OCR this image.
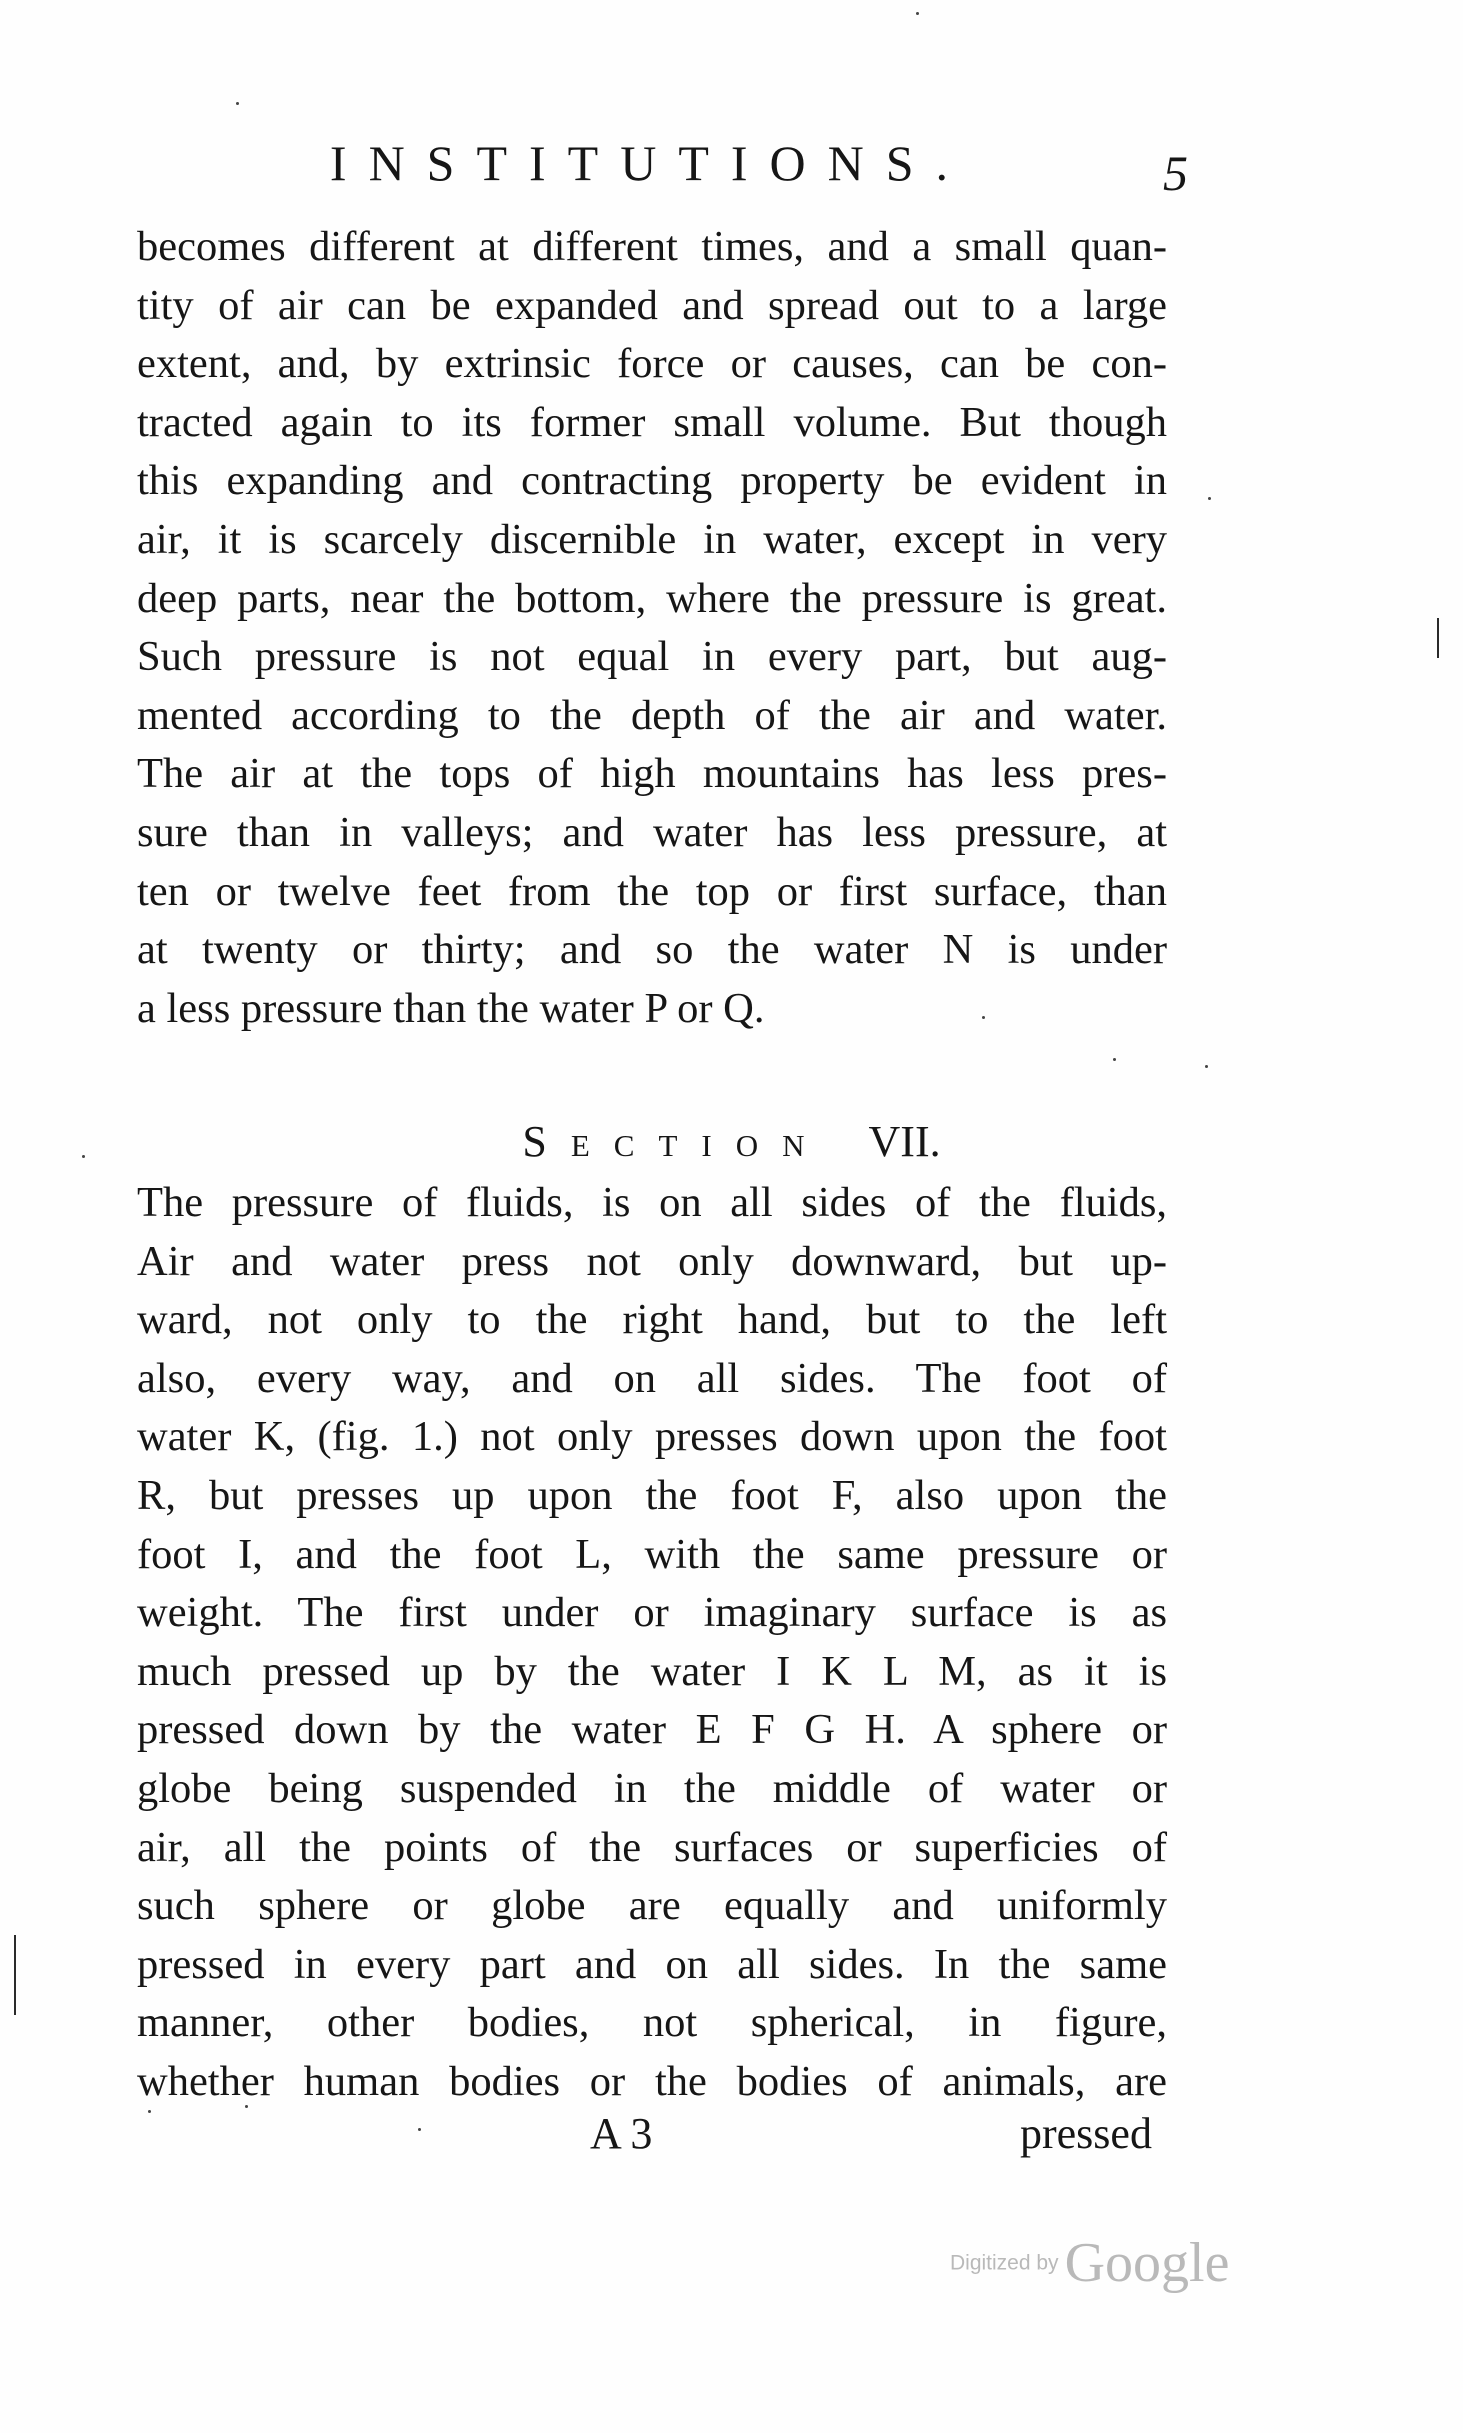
INSTITUTIONS.	5
becomes different at different times, and a small quan-
tity of air can be expanded and spread out to a large
extent, and, by extrinsic force or causes, can be con-
tracted again to its former small volume. But though
this expanding and contracting property be evident in
air, it is scarcely discernible in water, except in very
deep parts, near the bottom, where the pressure is great.
Such pressure is not equal in every part, but aug-
mented according to the depth of the air and water.
The air at the tops of high mountains has less pres-
sure than in valleys; and water has less pressure, at
ten or twelve feet from the top or first surface, than
at twenty or thirty; and so the water N is under
a less pressure than the water P or Q.
Section VII.
The pressure of fluids, is on all sides of the fluids,
Air and water press not only downward, but up-
ward, not only to the right hand, but to the left
also, every way, and on all sides. The foot of
water K, (fig. 1.) not only presses down upon the foot
R, but presses up upon the foot F, also upon the
foot I, and the foot L, with the same pressure or
weight. The first under or imaginary surface is as
much pressed up by the water I K L M, as it is
pressed down by the water E F G H. A sphere or
globe being suspended in the middle of water or
air, all the points of the surfaces or superficies of
such sphere or globe are equally and uniformly
pressed in every part and on all sides. In the same
manner, other bodies, not spherical, in figure,
whether human bodies or the bodies of animals, are
A 3	pressed
Digitized by Google
